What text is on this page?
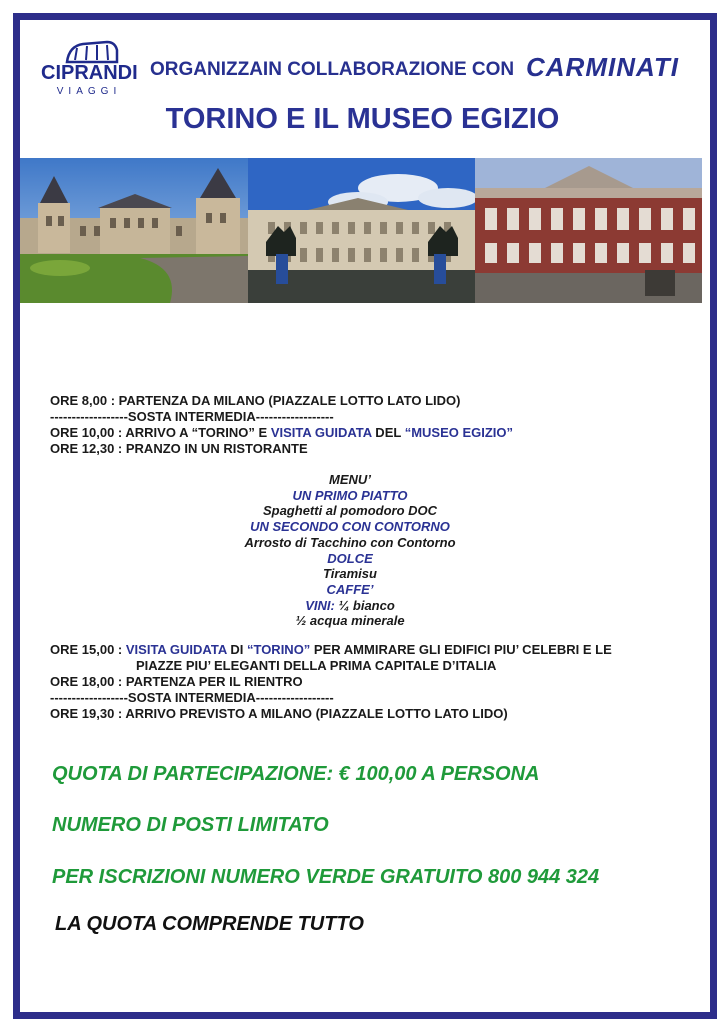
CIPRANDI
VIAGGI
ORGANIZZAIN COLLABORAZIONE CON CARMINATI
TORINO E IL MUSEO EGIZIO
ORE 8,00 : PARTENZA DA MILANO (PIAZZALE LOTTO LATO LIDO)
------------------SOSTA INTERMEDIA------------------
ORE 10,00 : ARRIVO A “TORINO” E VISITA GUIDATA DEL “MUSEO EGIZIO”
ORE 12,30 : PRANZO IN UN RISTORANTE
MENU’
UN PRIMO PIATTO
Spaghetti al pomodoro DOC
UN SECONDO CON CONTORNO
Arrosto di Tacchino con Contorno
DOLCE
Tiramisu
CAFFE’
VINI: ¼ bianco
½ acqua minerale
ORE 15,00 : VISITA GUIDATA DI “TORINO” PER AMMIRARE GLI EDIFICI PIU’ CELEBRI E LE
PIAZZE PIU’ ELEGANTI DELLA PRIMA CAPITALE D’ITALIA
ORE 18,00 : PARTENZA PER IL RIENTRO
------------------SOSTA INTERMEDIA------------------
ORE 19,30 : ARRIVO PREVISTO A MILANO (PIAZZALE LOTTO LATO LIDO)
QUOTA DI PARTECIPAZIONE: € 100,00 A PERSONA
NUMERO DI POSTI LIMITATO
PER ISCRIZIONI NUMERO VERDE GRATUITO 800 944 324
LA QUOTA COMPRENDE TUTTO
